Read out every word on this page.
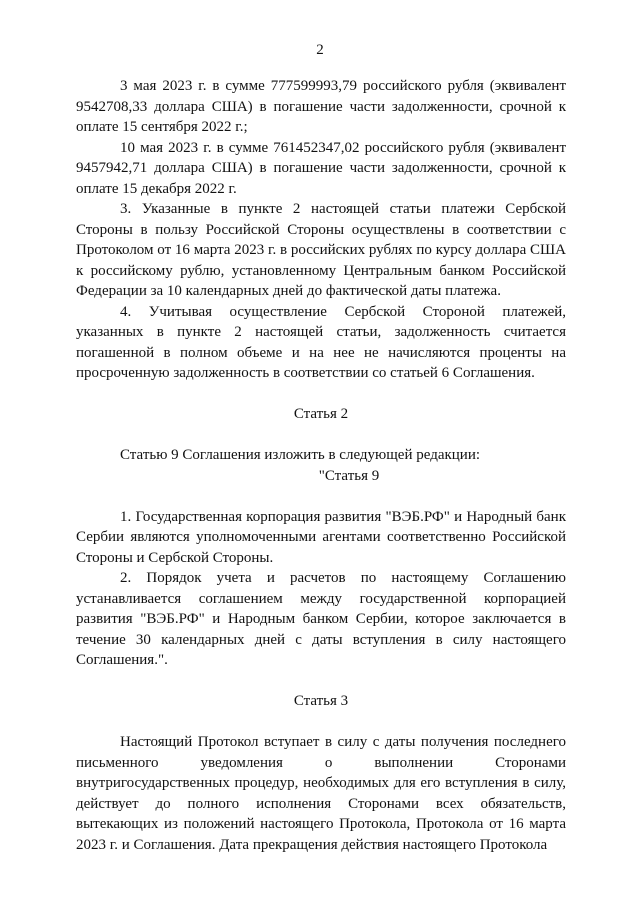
2

3 мая 2023 г. в сумме 777599993,79 российского рубля (эквивалент 9542708,33 доллара США) в погашение части задолженности, срочной к оплате 15 сентября 2022 г.;

10 мая 2023 г. в сумме 761452347,02 российского рубля (эквивалент 9457942,71 доллара США) в погашение части задолженности, срочной к оплате 15 декабря 2022 г.

3. Указанные в пункте 2 настоящей статьи платежи Сербской Стороны в пользу Российской Стороны осуществлены в соответствии с Протоколом от 16 марта 2023 г. в российских рублях по курсу доллара США к российскому рублю, установленному Центральным банком Российской Федерации за 10 календарных дней до фактической даты платежа.

4. Учитывая осуществление Сербской Стороной платежей, указанных в пункте 2 настоящей статьи, задолженность считается погашенной в полном объеме и на нее не начисляются проценты на просроченную задолженность в соответствии со статьей 6 Соглашения.

Статья 2

Статью 9 Соглашения изложить в следующей редакции:

"Статья 9

1. Государственная корпорация развития "ВЭБ.РФ" и Народный банк Сербии являются уполномоченными агентами соответственно Российской Стороны и Сербской Стороны.

2. Порядок учета и расчетов по настоящему Соглашению устанавливается соглашением между государственной корпорацией развития "ВЭБ.РФ" и Народным банком Сербии, которое заключается в течение 30 календарных дней с даты вступления в силу настоящего Соглашения.".

Статья 3

Настоящий Протокол вступает в силу с даты получения последнего письменного уведомления о выполнении Сторонами внутригосударственных процедур, необходимых для его вступления в силу, действует до полного исполнения Сторонами всех обязательств, вытекающих из положений настоящего Протокола, Протокола от 16 марта 2023 г. и Соглашения. Дата прекращения действия настоящего Протокола
